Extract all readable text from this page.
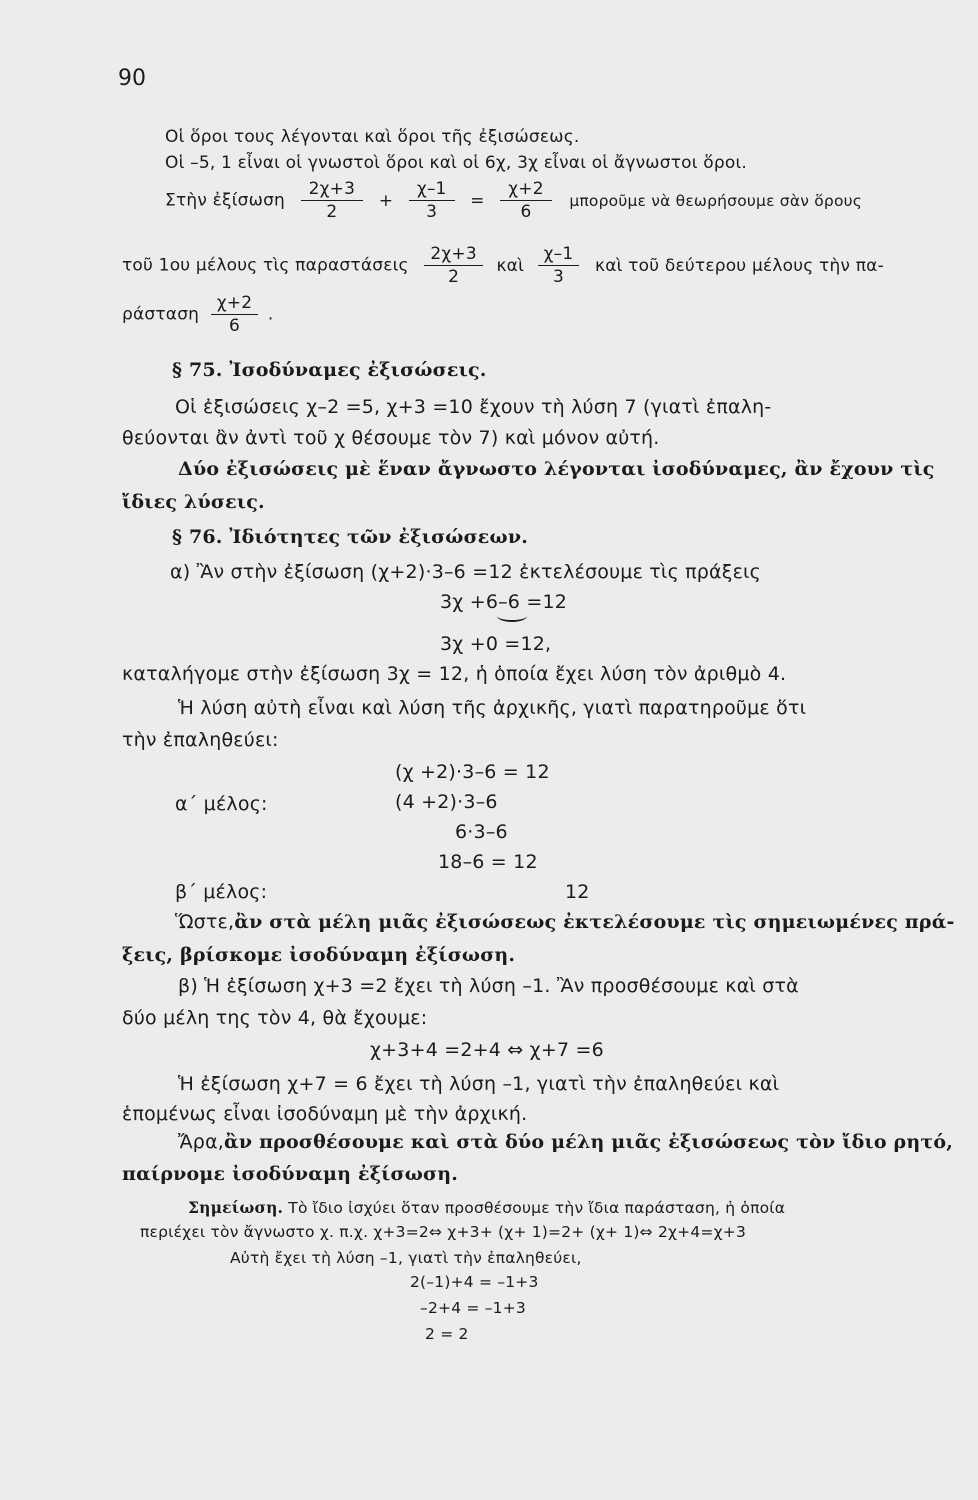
90
Οἱ ὅροι τους λέγονται καὶ ὅροι τῆς ἐξισώσεως.
Οἱ –5, 1 εἶναι οἱ γνωστοὶ ὅροι καὶ οἱ 6χ, 3χ εἶναι οἱ ἄγνωστοι ὅροι.
Στὴν ἐξίσωση $\frac{2\chi+3}{2} + \frac{\chi-1}{3} = \frac{\chi+2}{6}$ μποροῦμε νὰ θεωρήσουμε σὰν ὅρους
τοῦ 1ου μέλους τὶς παραστάσεις $\frac{2\chi+3}{2}$ καὶ $\frac{\chi-1}{3}$ καὶ τοῦ δεύτερου μέλους τὴν πα-
ράσταση $\frac{\chi+2}{6}$ .
§ 75. Ἰσοδύναμες ἐξισώσεις.
Οἱ ἐξισώσεις χ–2 =5, χ+3 =10 ἔχουν τὴ λύση 7 (γιατὶ ἐπαλη-
θεύονται ἂν ἀντὶ τοῦ χ θέσουμε τὸν 7) καὶ μόνον αὐτή.
Δύο ἐξισώσεις μὲ ἕναν ἄγνωστο λέγονται ἰσοδύναμες, ἂν ἔχουν τὶς
ἴδιες λύσεις.
§ 76. Ἰδιότητες τῶν ἐξισώσεων.
α) Ἂν στὴν ἐξίσωση (χ+2)·3–6 =12 ἐκτελέσουμε τὶς πράξεις
3χ +6–6 =12
3χ +0 =12,
καταλήγομε στὴν ἐξίσωση 3χ = 12, ἡ ὁποία ἔχει λύση τὸν ἀριθμὸ 4.
Ἡ λύση αὐτὴ εἶναι καὶ λύση τῆς ἀρχικῆς, γιατὶ παρατηροῦμε ὅτι
τὴν ἐπαληθεύει:
(χ +2)·3–6 = 12
α΄ μέλος:	(4 +2)·3–6
6·3–6
18–6 = 12
β΄ μέλος:	12
Ὥστε,ἂν στὰ μέλη μιᾶς ἐξισώσεως ἐκτελέσουμε τὶς σημειωμένες πρά-
ξεις, βρίσκομε ἰσοδύναμη ἐξίσωση.
β) Ἡ ἐξίσωση χ+3 =2 ἔχει τὴ λύση –1. Ἂν προσθέσουμε καὶ στὰ
δύο μέλη της τὸν 4, θὰ ἔχουμε:
χ+3+4 =2+4 ⇔ χ+7 =6
Ἡ ἐξίσωση χ+7 = 6 ἔχει τὴ λύση –1, γιατὶ τὴν ἐπαληθεύει καὶ
ἑπομένως εἶναι ἰσοδύναμη μὲ τὴν ἀρχική.
Ἄρα,ἂν προσθέσουμε καὶ στὰ δύο μέλη μιᾶς ἐξισώσεως τὸν ἴδιο ρητό,
παίρνομε ἰσοδύναμη ἐξίσωση.
Σημείωση. Τὸ ἴδιο ἰσχύει ὅταν προσθέσουμε τὴν ἴδια παράσταση, ἡ ὁποία
περιέχει τὸν ἄγνωστο χ. π.χ. χ+3=2⇔ χ+3+ (χ+ 1)=2+ (χ+ 1)⇔ 2χ+4=χ+3
Αὐτὴ ἔχει τὴ λύση –1, γιατὶ τὴν ἐπαληθεύει,
2(–1)+4 = –1+3
–2+4 = –1+3
2 = 2
